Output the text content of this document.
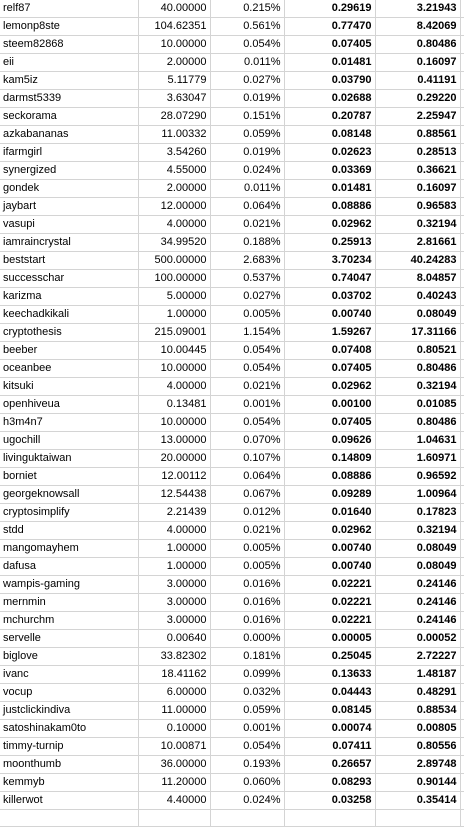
relf87	40.00000	0.215%	0.29619	3.21943	
lemonp8ste	104.62351	0.561%	0.77470	8.42069	
steem82868	10.00000	0.054%	0.07405	0.80486	
eii	2.00000	0.011%	0.01481	0.16097	
kam5iz	5.11779	0.027%	0.03790	0.41191	
darmst5339	3.63047	0.019%	0.02688	0.29220	
seckorama	28.07290	0.151%	0.20787	2.25947	
azkabananas	11.00332	0.059%	0.08148	0.88561	
ifarmgirl	3.54260	0.019%	0.02623	0.28513	
synergized	4.55000	0.024%	0.03369	0.36621	
gondek	2.00000	0.011%	0.01481	0.16097	
jaybart	12.00000	0.064%	0.08886	0.96583	
vasupi	4.00000	0.021%	0.02962	0.32194	
iamraincrystal	34.99520	0.188%	0.25913	2.81661	
beststart	500.00000	2.683%	3.70234	40.24283	
successchar	100.00000	0.537%	0.74047	8.04857	
karizma	5.00000	0.027%	0.03702	0.40243	
keechadkikali	1.00000	0.005%	0.00740	0.08049	
cryptothesis	215.09001	1.154%	1.59267	17.31166	
beeber	10.00445	0.054%	0.07408	0.80521	
oceanbee	10.00000	0.054%	0.07405	0.80486	
kitsuki	4.00000	0.021%	0.02962	0.32194	
openhiveua	0.13481	0.001%	0.00100	0.01085	
h3m4n7	10.00000	0.054%	0.07405	0.80486	
ugochill	13.00000	0.070%	0.09626	1.04631	
livinguktaiwan	20.00000	0.107%	0.14809	1.60971	
borniet	12.00112	0.064%	0.08886	0.96592	
georgeknowsall	12.54438	0.067%	0.09289	1.00964	
cryptosimplify	2.21439	0.012%	0.01640	0.17823	
stdd	4.00000	0.021%	0.02962	0.32194	
mangomayhem	1.00000	0.005%	0.00740	0.08049	
dafusa	1.00000	0.005%	0.00740	0.08049	
wampis-gaming	3.00000	0.016%	0.02221	0.24146	
mernmin	3.00000	0.016%	0.02221	0.24146	
mchurchm	3.00000	0.016%	0.02221	0.24146	
servelle	0.00640	0.000%	0.00005	0.00052	
biglove	33.82302	0.181%	0.25045	2.72227	
ivanc	18.41162	0.099%	0.13633	1.48187	
vocup	6.00000	0.032%	0.04443	0.48291	
justclickindiva	11.00000	0.059%	0.08145	0.88534	
satoshinakam0to	0.10000	0.001%	0.00074	0.00805	
timmy-turnip	10.00871	0.054%	0.07411	0.80556	
moonthumb	36.00000	0.193%	0.26657	2.89748	
kemmyb	11.20000	0.060%	0.08293	0.90144	
killerwot	4.40000	0.024%	0.03258	0.35414	
